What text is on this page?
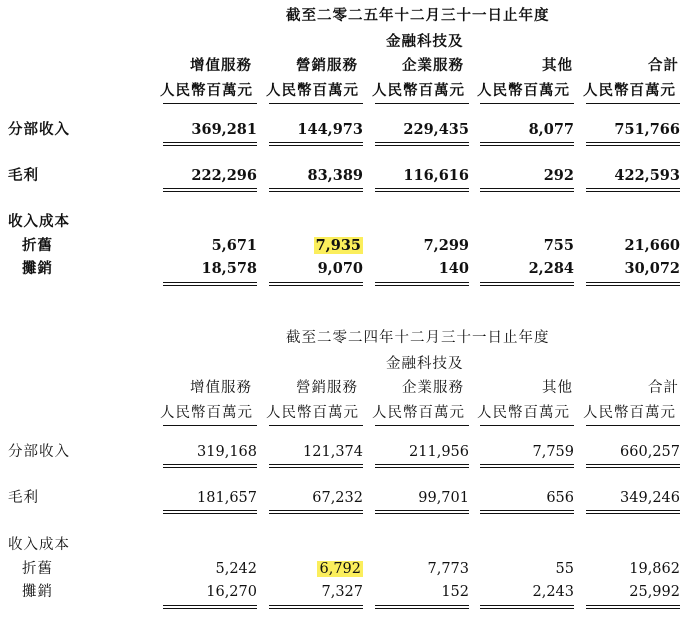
截至二零二五年十二月三十一日止年度
金融科技及
增值服務	營銷服務	企業服務	其他	合計
人民幣百萬元 人民幣百萬元 人民幣百萬元 人民幣百萬元 人民幣百萬元
分部收入	369,281	144,973	229,435	8,077	751,766
毛利	222,296	83,389	116,616	292	422,593
收入成本
折舊	5,671	7,935	7,299	755	21,660
攤銷	18,578	9,070	140	2,284	30,072
截至二零二四年十二月三十一日止年度
金融科技及
增值服務	營銷服務	企業服務	其他	合計
人民幣百萬元 人民幣百萬元 人民幣百萬元 人民幣百萬元 人民幣百萬元
分部收入	319,168	121,374	211,956	7,759	660,257
毛利	181,657	67,232	99,701	656	349,246
收入成本
折舊	5,242	6,792	7,773	55	19,862
攤銷	16,270	7,327	152	2,243	25,992
